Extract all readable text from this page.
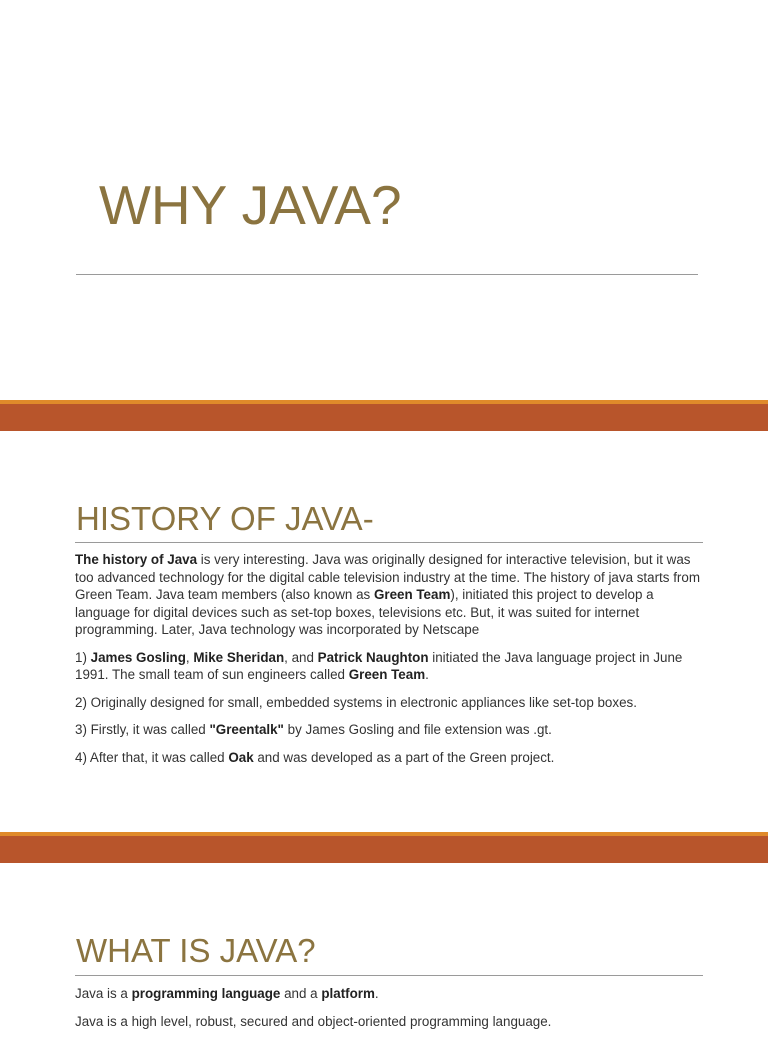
WHY JAVA?
HISTORY OF JAVA-

The history of Java is very interesting. Java was originally designed for interactive television, but it was too advanced technology for the digital cable television industry at the time. The history of java starts from Green Team. Java team members (also known as Green Team), initiated this project to develop a language for digital devices such as set-top boxes, televisions etc. But, it was suited for internet programming. Later, Java technology was incorporated by Netscape

1) James Gosling, Mike Sheridan, and Patrick Naughton initiated the Java language project in June 1991. The small team of sun engineers called Green Team.

2) Originally designed for small, embedded systems in electronic appliances like set-top boxes.

3) Firstly, it was called "Greentalk" by James Gosling and file extension was .gt.

4) After that, it was called Oak and was developed as a part of the Green project.

WHAT IS JAVA?

Java is a programming language and a platform.

Java is a high level, robust, secured and object-oriented programming language.
